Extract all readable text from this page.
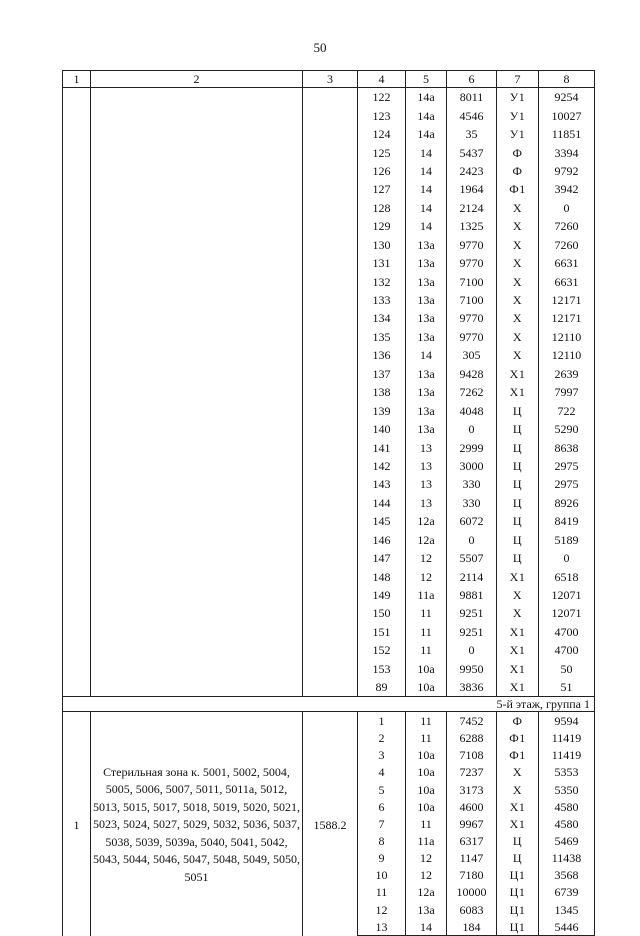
50
1	2	3	4	5	6	7	8
			122	14a	8011	У1	9254
			123	14a	4546	У1	10027
			124	14a	35	У1	11851
			125	14	5437	Ф	3394
			126	14	2423	Ф	9792
			127	14	1964	Ф1	3942
			128	14	2124	Х	0
			129	14	1325	Х	7260
			130	13a	9770	Х	7260
			131	13a	9770	Х	6631
			132	13a	7100	Х	6631
			133	13a	7100	Х	12171
			134	13a	9770	Х	12171
			135	13a	9770	Х	12110
			136	14	305	Х	12110
			137	13a	9428	Х1	2639
			138	13a	7262	Х1	7997
			139	13a	4048	Ц	722
			140	13a	0	Ц	5290
			141	13	2999	Ц	8638
			142	13	3000	Ц	2975
			143	13	330	Ц	2975
			144	13	330	Ц	8926
			145	12a	6072	Ц	8419
			146	12a	0	Ц	5189
			147	12	5507	Ц	0
			148	12	2114	Х1	6518
			149	11a	9881	Х	12071
			150	11	9251	Х	12071
			151	11	9251	Х1	4700
			152	11	0	Х1	4700
			153	10a	9950	Х1	50
			89	10a	3836	Х1	51
5-й этаж, группа 1							
1	Стерильная зона к. 5001, 5002, 5004, 5005, 5006, 5007, 5011, 5011а, 5012, 5013, 5015, 5017, 5018, 5019, 5020, 5021, 5023, 5024, 5027, 5029, 5032, 5036, 5037, 5038, 5039, 5039а, 5040, 5041, 5042, 5043, 5044, 5046, 5047, 5048, 5049, 5050, 5051	1588.2	1	11	7452	Ф	9594
			2	11	6288	Ф1	11419
			3	10a	7108	Ф1	11419
			4	10a	7237	Х	5353
			5	10a	3173	Х	5350
			6	10a	4600	Х1	4580
			7	11	9967	Х1	4580
			8	11a	6317	Ц	5469
			9	12	1147	Ц	11438
			10	12	7180	Ц1	3568
			11	12a	10000	Ц1	6739
			12	13a	6083	Ц1	1345
			13	14	184	Ц1	5446
